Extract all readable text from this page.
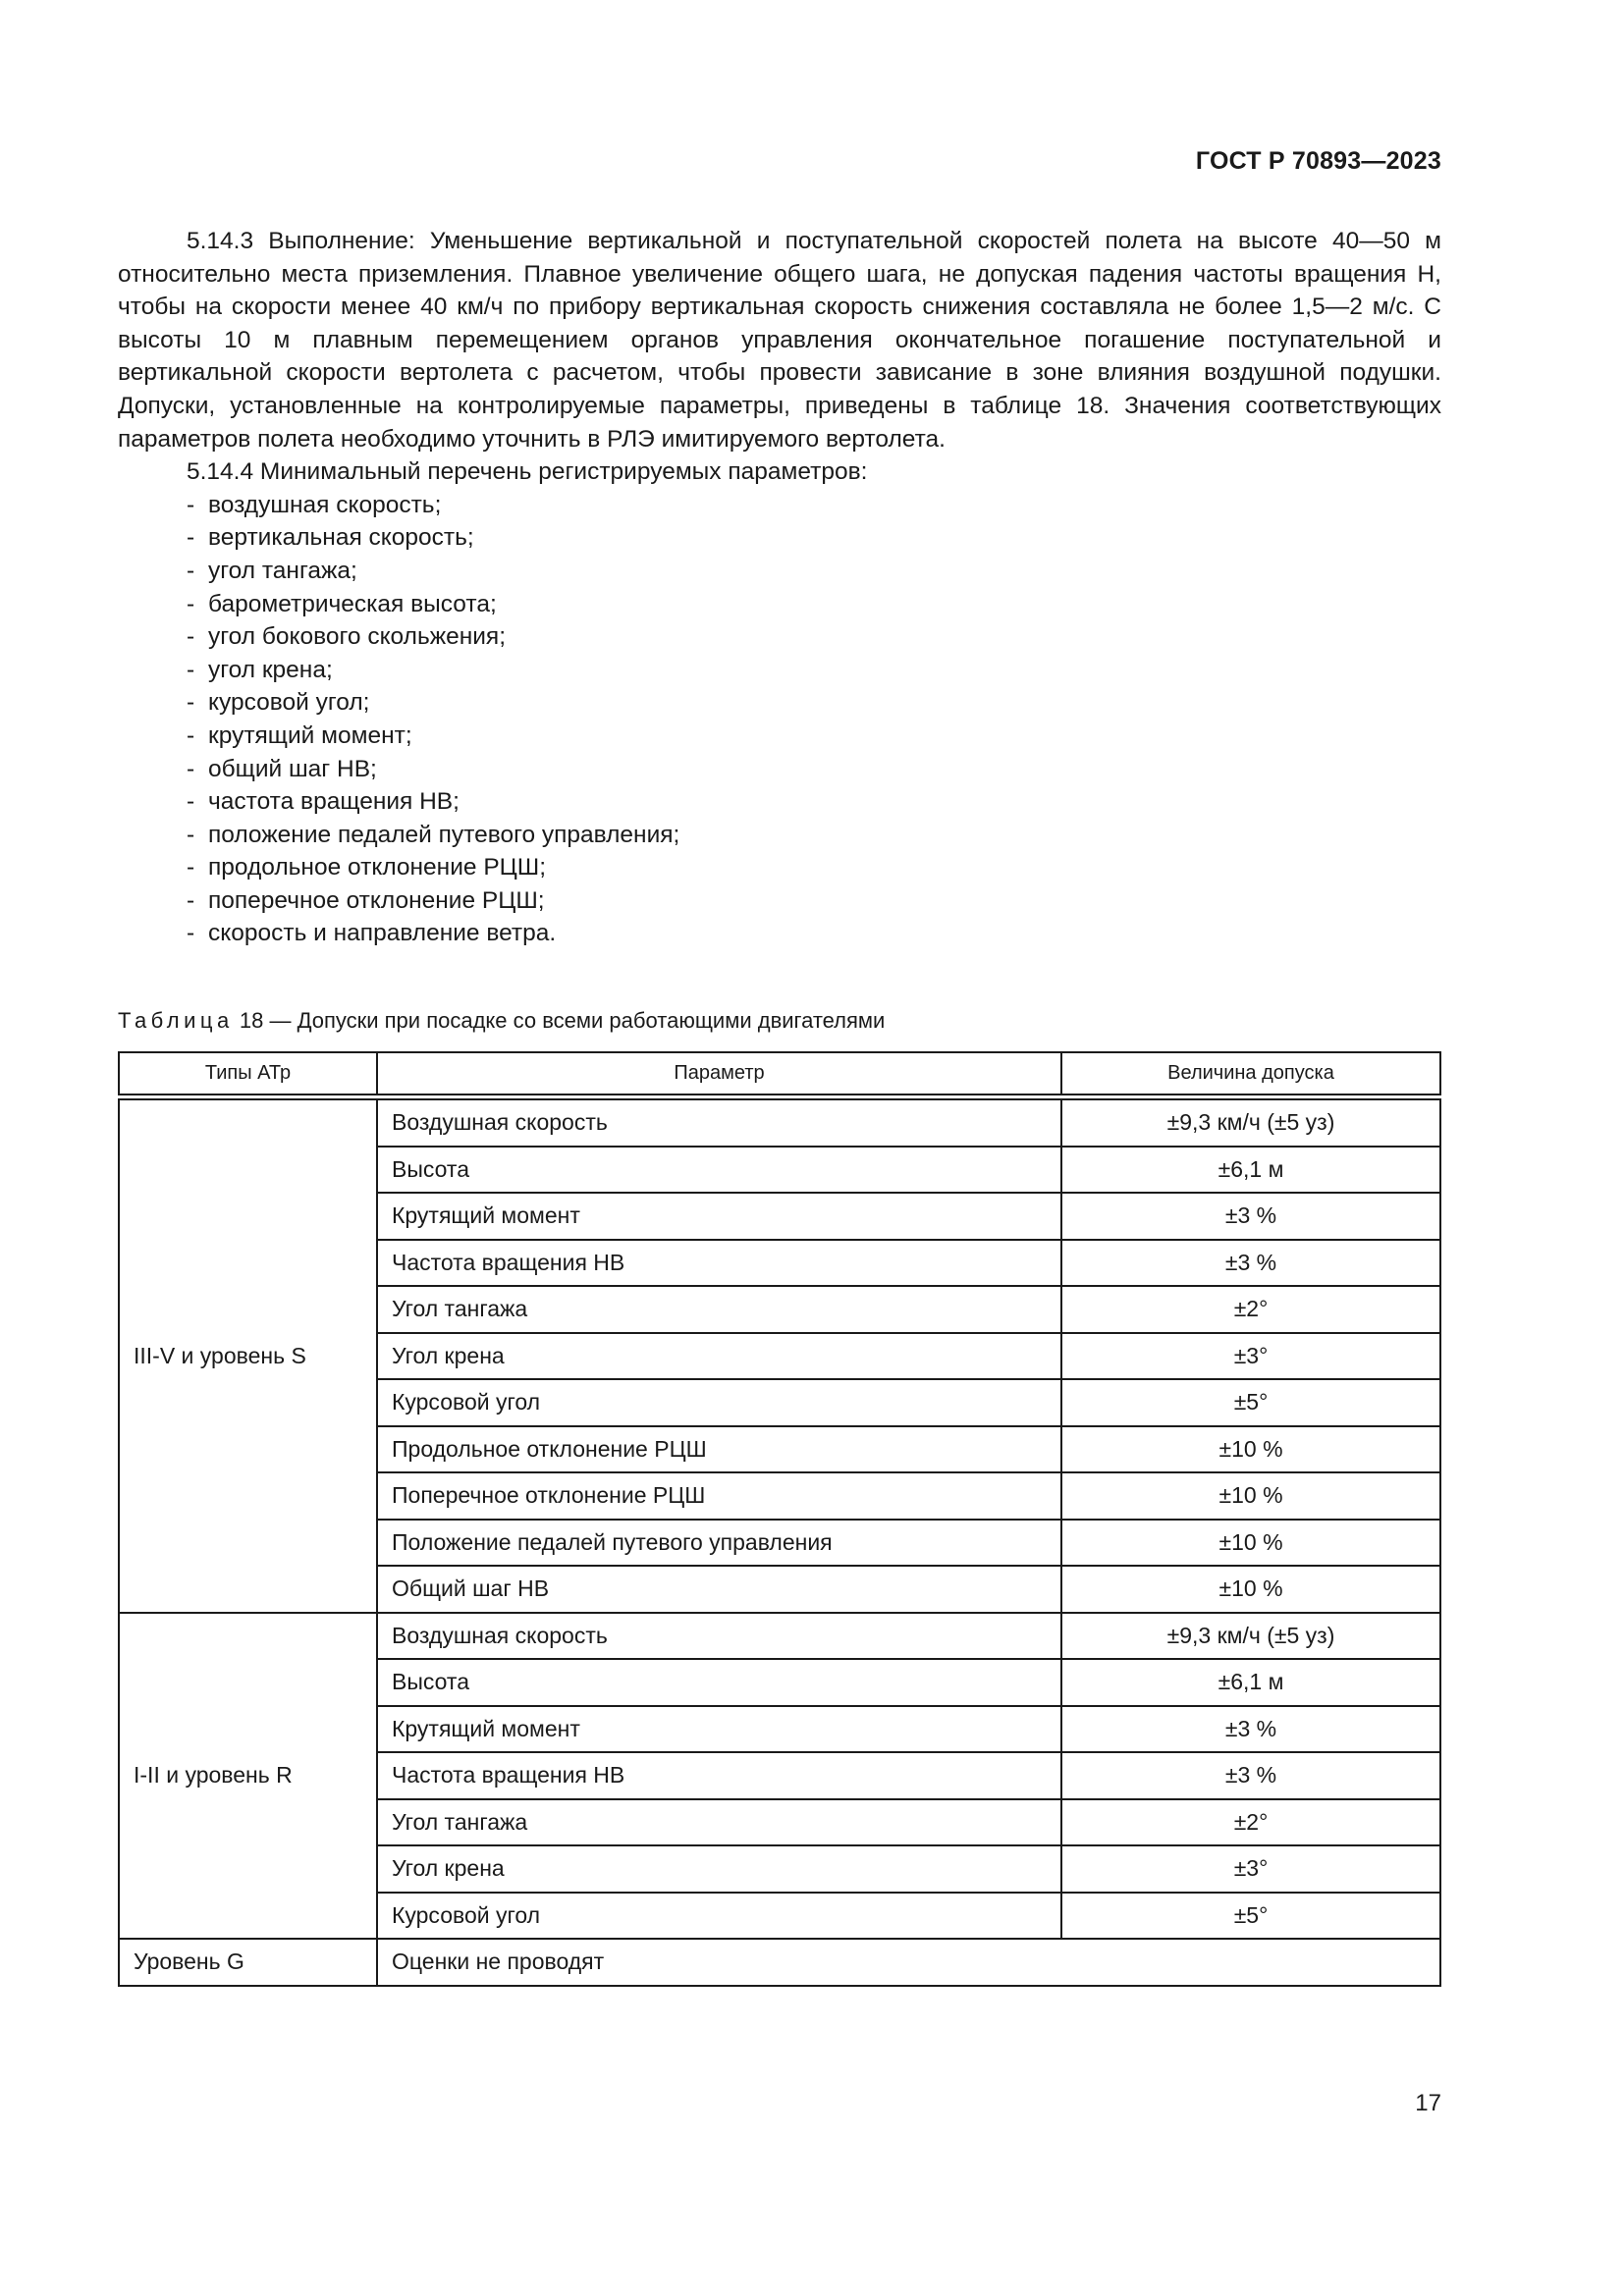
ГОСТ Р 70893—2023

5.14.3 Выполнение: Уменьшение вертикальной и поступательной скоростей полета на высоте 40—50 м относительно места приземления. Плавное увеличение общего шага, не допуская падения частоты вращения Н, чтобы на скорости менее 40 км/ч по прибору вертикальная скорость снижения составляла не более 1,5—2 м/с. С высоты 10 м плавным перемещением органов управления окончательное погашение поступательной и вертикальной скорости вертолета с расчетом, чтобы провести зависание в зоне влияния воздушной подушки. Допуски, установленные на контролируемые параметры, приведены в таблице 18. Значения соответствующих параметров полета необходимо уточнить в РЛЭ имитируемого вертолета.

5.14.4 Минимальный перечень регистрируемых параметров:

- воздушная скорость;
- вертикальная скорость;
- угол тангажа;
- барометрическая высота;
- угол бокового скольжения;
- угол крена;
- курсовой угол;
- крутящий момент;
- общий шаг НВ;
- частота вращения НВ;
- положение педалей путевого управления;
- продольное отклонение РЦШ;
- поперечное отклонение РЦШ;
- скорость и направление ветра.
Таблица 18 — Допуски при посадке со всеми работающими двигателями
Типы АТр	Параметр	Величина допуска
III-V и уровень S	Воздушная скорость	±9,3 км/ч (±5 уз)
	Высота	±6,1 м
	Крутящий момент	±3 %
	Частота вращения НВ	±3 %
	Угол тангажа	±2°
	Угол крена	±3°
	Курсовой угол	±5°
	Продольное отклонение РЦШ	±10 %
	Поперечное отклонение РЦШ	±10 %
	Положение педалей путевого управления	±10 %
	Общий шаг НВ	±10 %
I-II и уровень R	Воздушная скорость	±9,3 км/ч (±5 уз)
	Высота	±6,1 м
	Крутящий момент	±3 %
	Частота вращения НВ	±3 %
	Угол тангажа	±2°
	Угол крена	±3°
	Курсовой угол	±5°
Уровень G	Оценки не проводят	
17
